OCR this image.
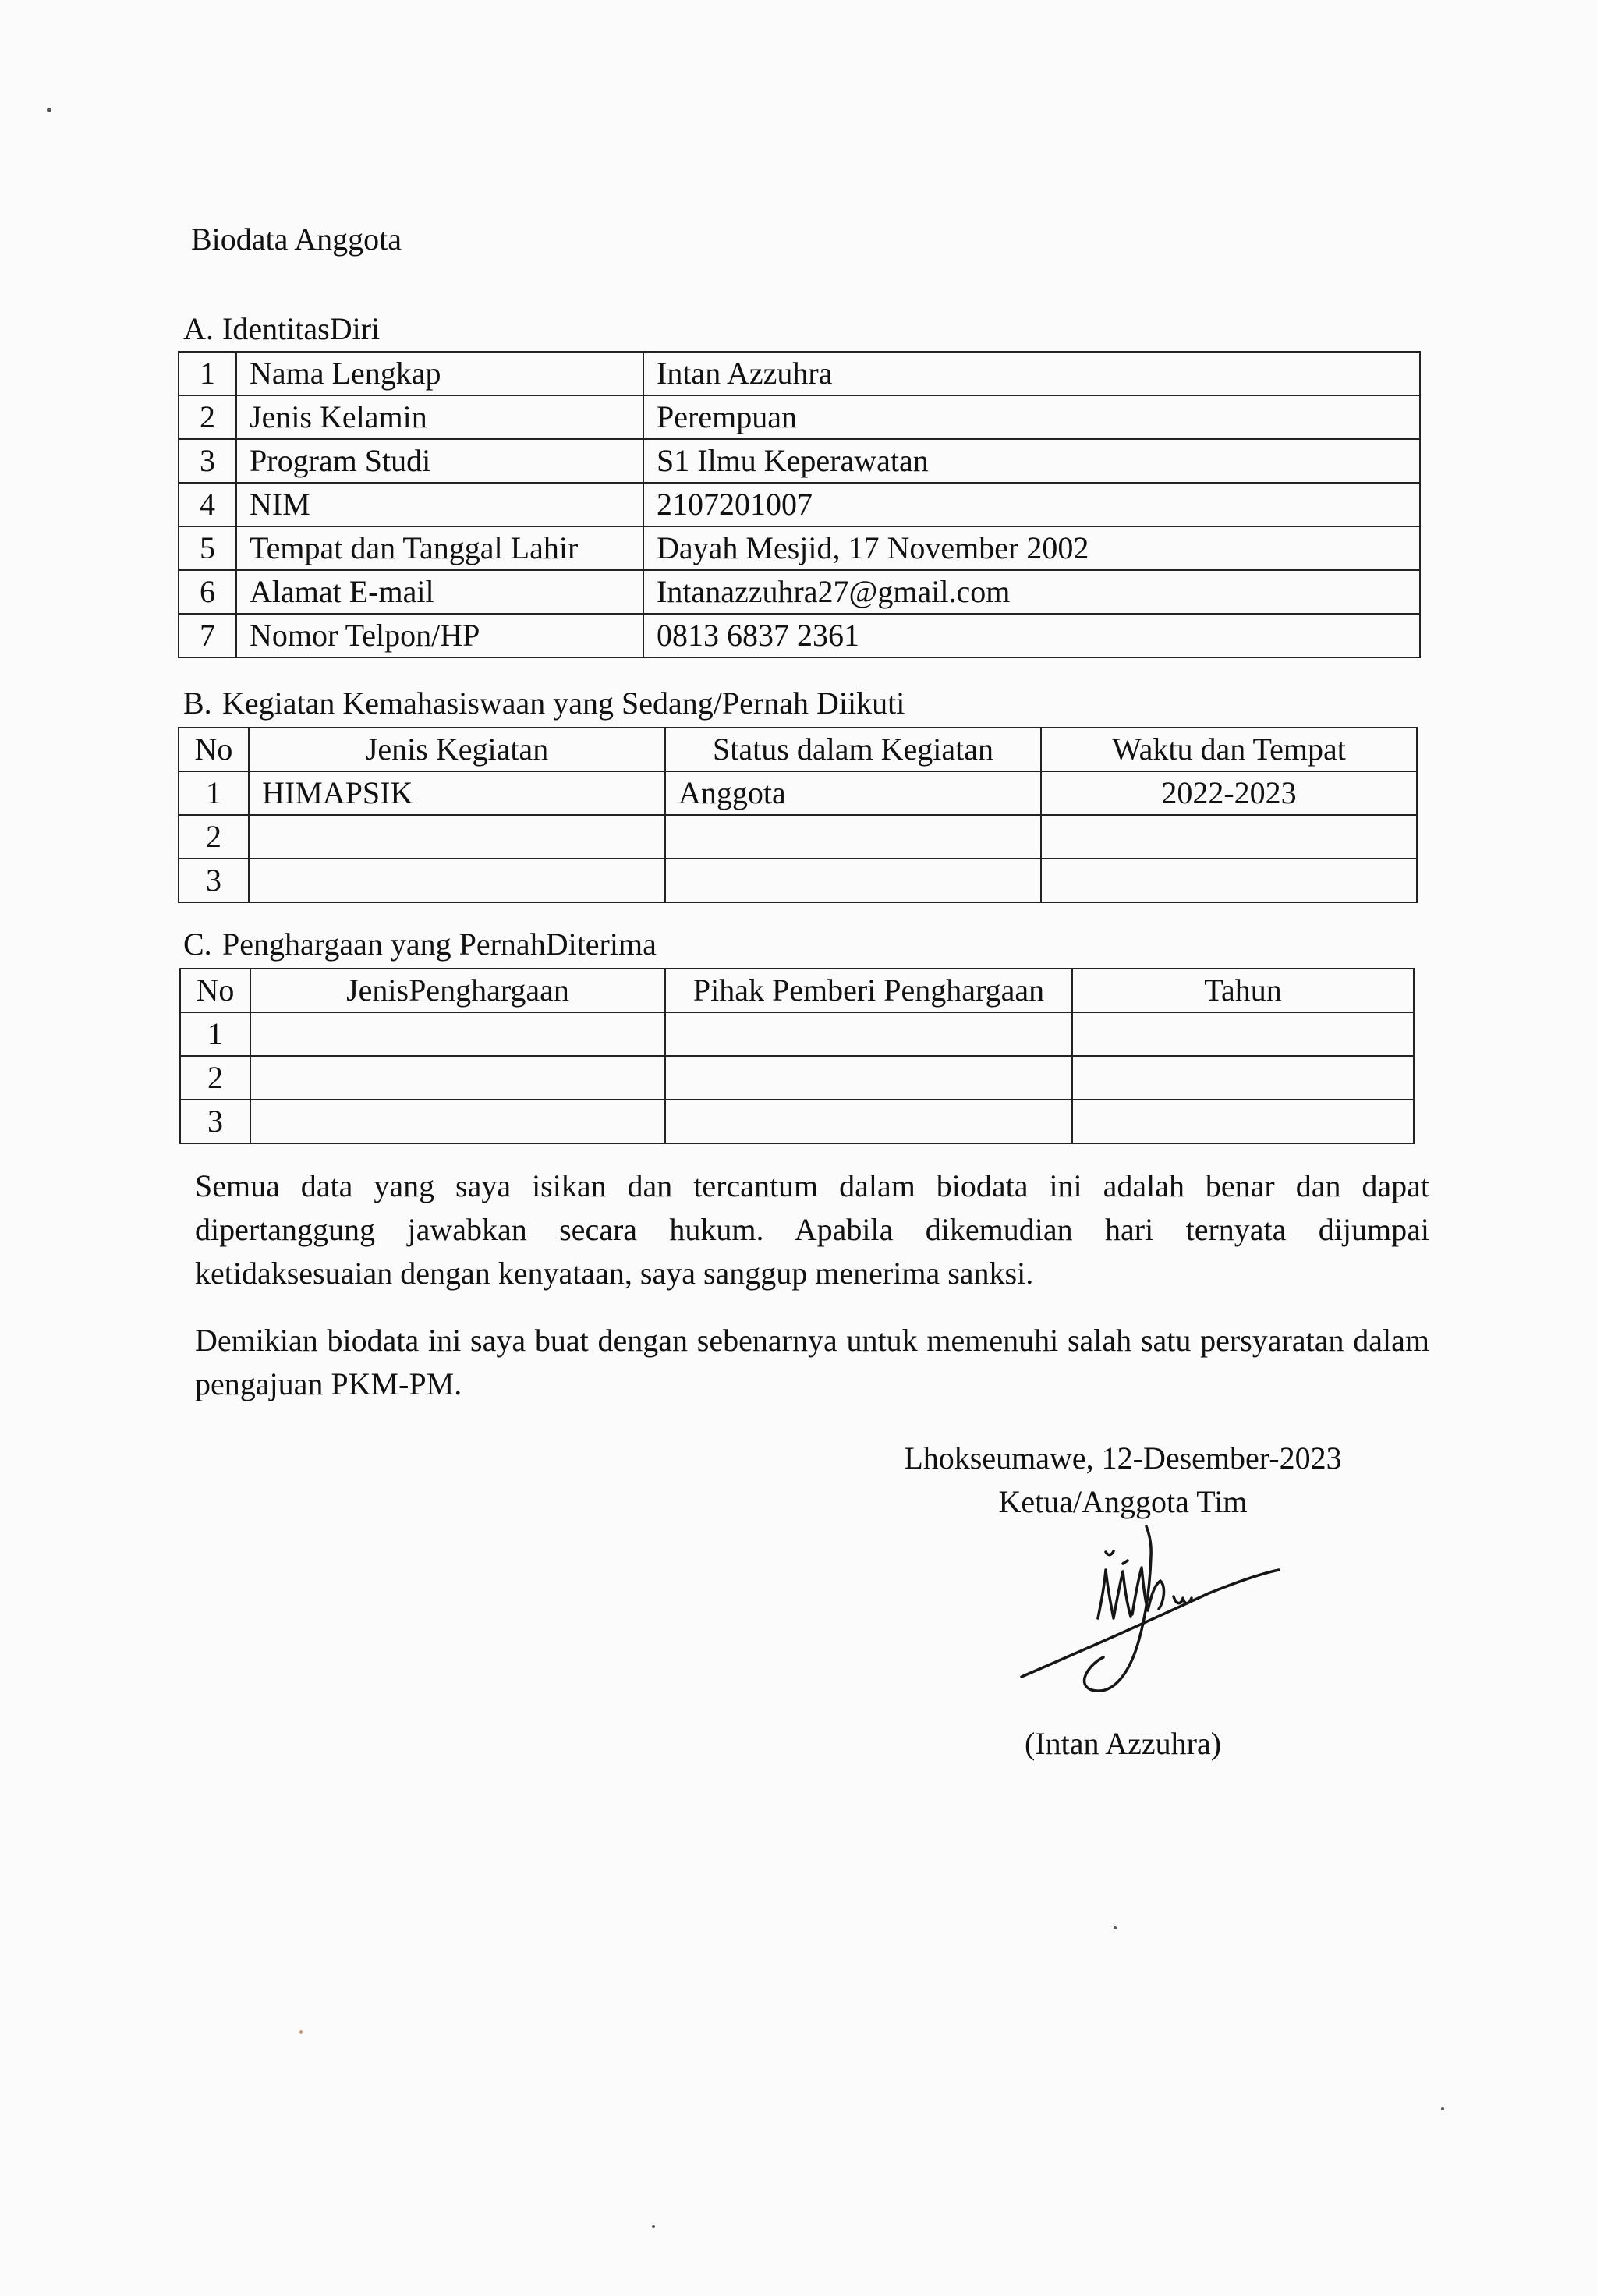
Biodata Anggota
A. IdentitasDiri
1	Nama Lengkap	Intan Azzuhra
2	Jenis Kelamin	Perempuan
3	Program Studi	S1 Ilmu Keperawatan
4	NIM	2107201007
5	Tempat dan Tanggal Lahir	Dayah Mesjid, 17 November 2002
6	Alamat E-mail	Intanazzuhra27@gmail.com
7	Nomor Telpon/HP	0813 6837 2361
B. Kegiatan Kemahasiswaan yang Sedang/Pernah Diikuti
No	Jenis Kegiatan	Status dalam Kegiatan	Waktu dan Tempat
1	HIMAPSIK	Anggota	2022-2023
2			
3			
C. Penghargaan yang PernahDiterima
No	JenisPenghargaan	Pihak Pemberi Penghargaan	Tahun
1			
2			
3			
Semua data yang saya isikan dan tercantum dalam biodata ini adalah benar dan dapat dipertanggung jawabkan secara hukum. Apabila dikemudian hari ternyata dijumpai ketidaksesuaian dengan kenyataan, saya sanggup menerima sanksi.
Demikian biodata ini saya buat dengan sebenarnya untuk memenuhi salah satu persyaratan dalam pengajuan PKM-PM.
Lhokseumawe, 12-Desember-2023
Ketua/Anggota Tim
(Intan Azzuhra)
